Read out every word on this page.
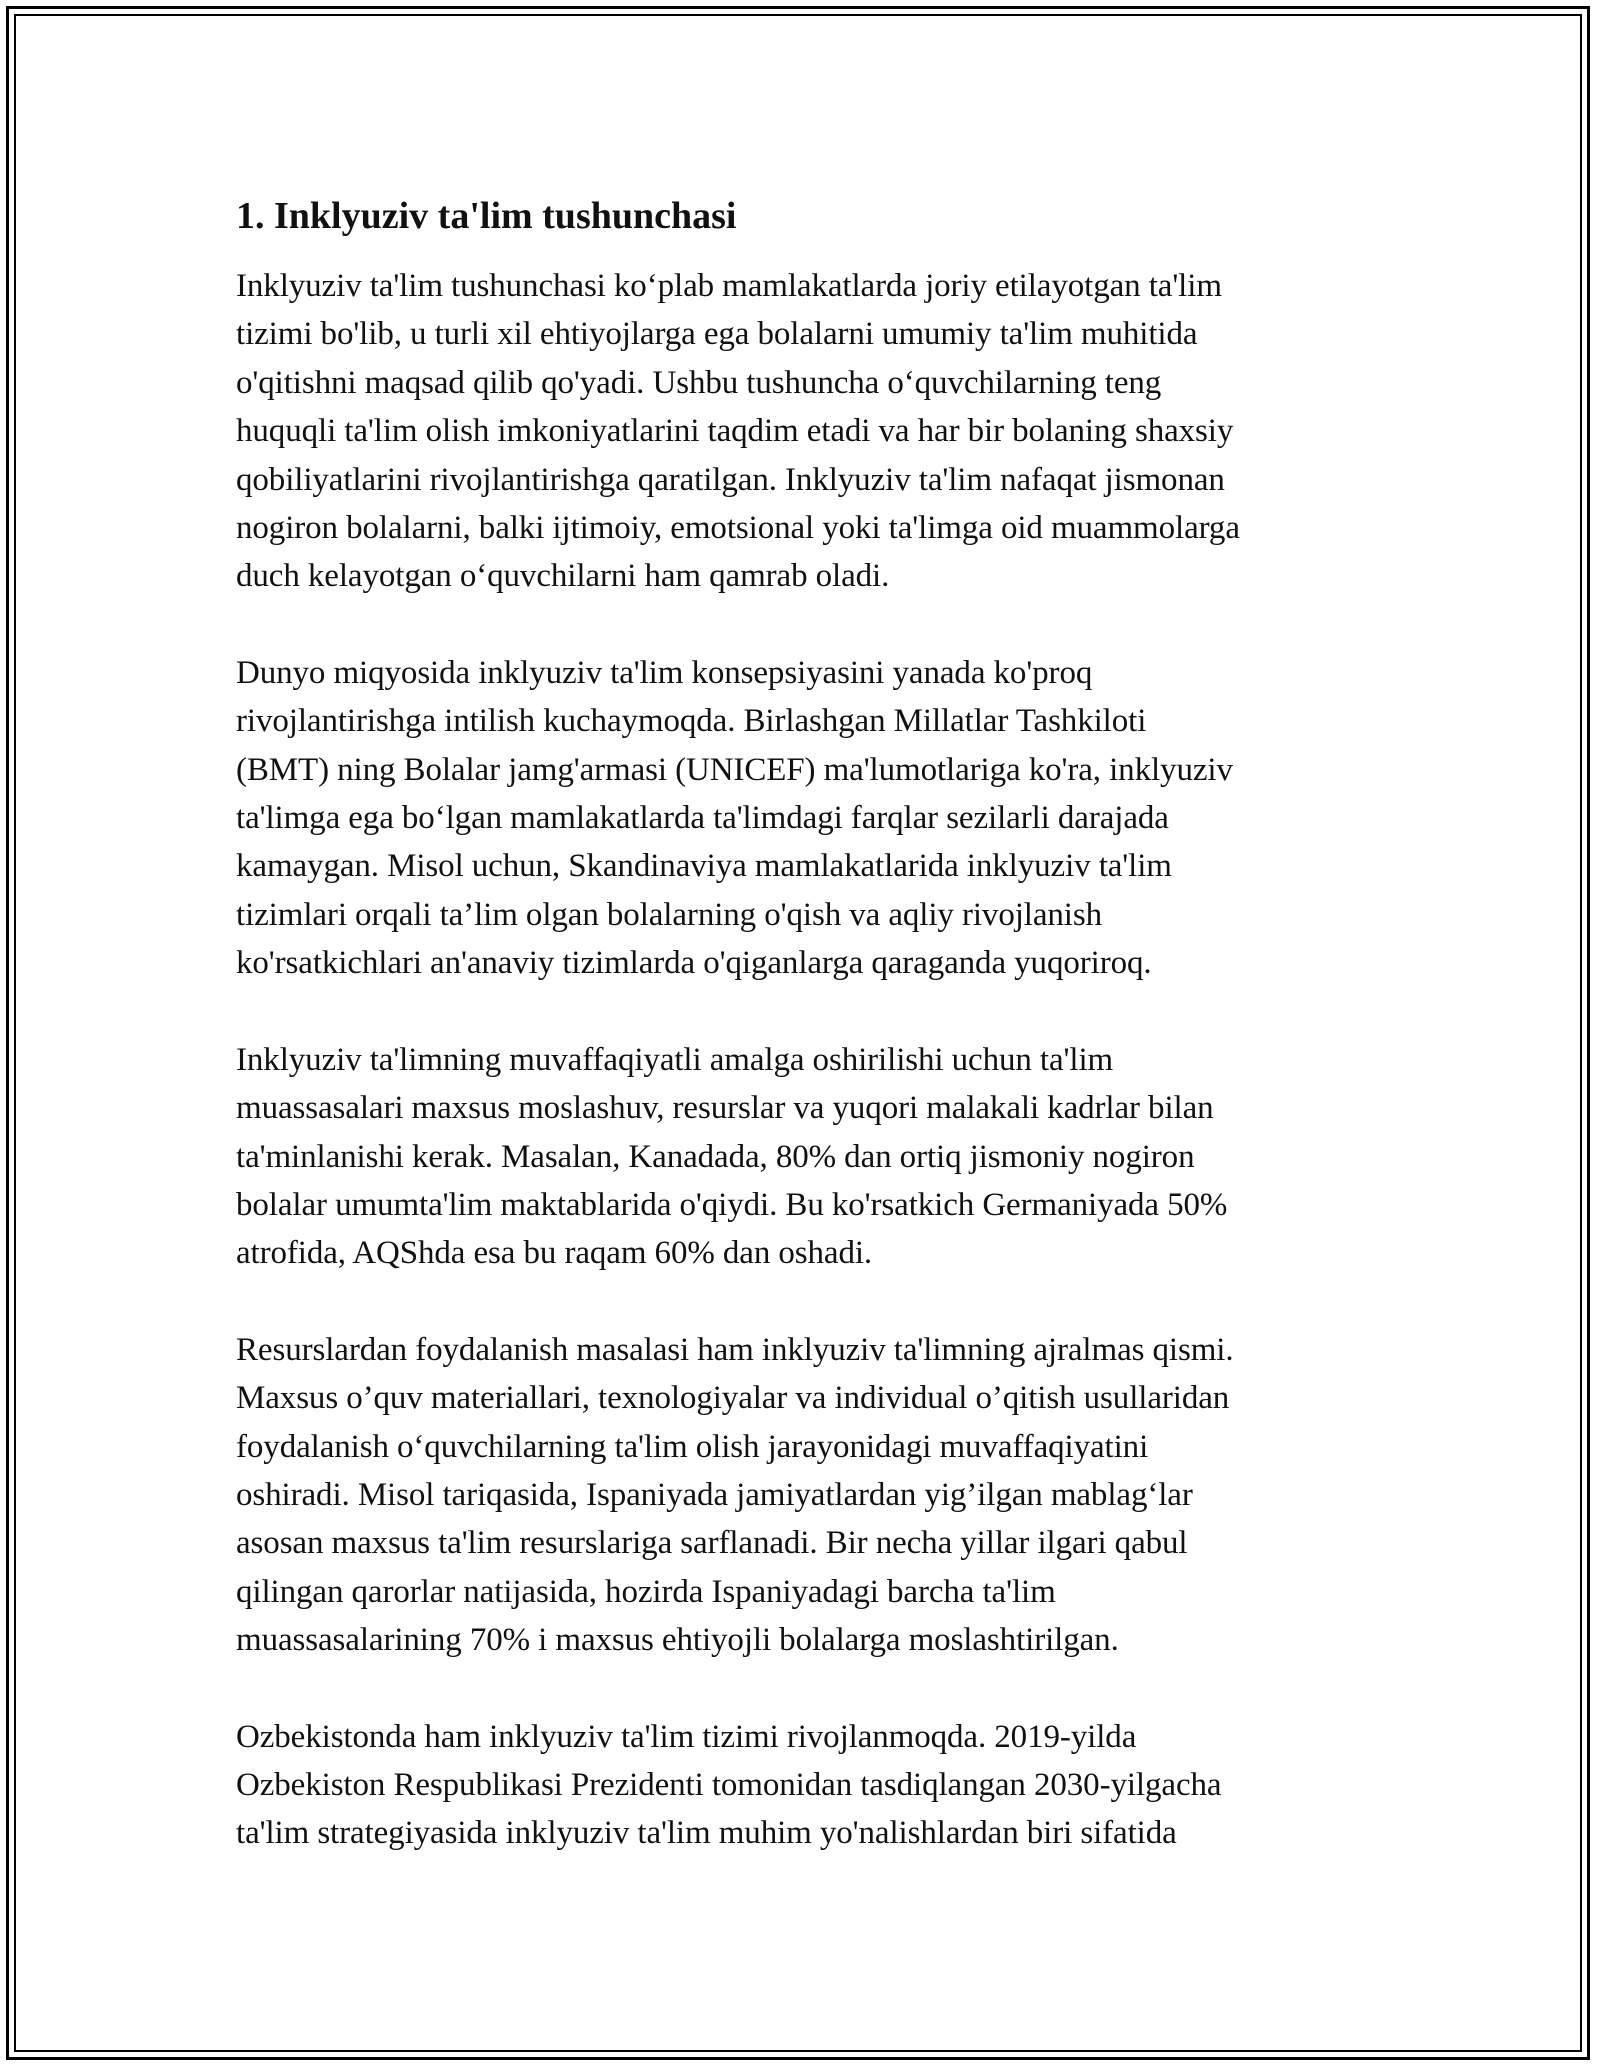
1. Inklyuziv ta'lim tushunchasi
Inklyuziv ta'lim tushunchasi ko‘plab mamlakatlarda joriy etilayotgan ta'lim
tizimi bo'lib, u turli xil ehtiyojlarga ega bolalarni umumiy ta'lim muhitida
o'qitishni maqsad qilib qo'yadi. Ushbu tushuncha o‘quvchilarning teng
huquqli ta'lim olish imkoniyatlarini taqdim etadi va har bir bolaning shaxsiy
qobiliyatlarini rivojlantirishga qaratilgan. Inklyuziv ta'lim nafaqat jismonan
nogiron bolalarni, balki ijtimoiy, emotsional yoki ta'limga oid muammolarga
duch kelayotgan o‘quvchilarni ham qamrab oladi.
Dunyo miqyosida inklyuziv ta'lim konsepsiyasini yanada ko'proq
rivojlantirishga intilish kuchaymoqda. Birlashgan Millatlar Tashkiloti
(BMT) ning Bolalar jamg'armasi (UNICEF) ma'lumotlariga ko'ra, inklyuziv
ta'limga ega bo‘lgan mamlakatlarda ta'limdagi farqlar sezilarli darajada
kamaygan. Misol uchun, Skandinaviya mamlakatlarida inklyuziv ta'lim
tizimlari orqali ta’lim olgan bolalarning o'qish va aqliy rivojlanish
ko'rsatkichlari an'anaviy tizimlarda o'qiganlarga qaraganda yuqoriroq.
Inklyuziv ta'limning muvaffaqiyatli amalga oshirilishi uchun ta'lim
muassasalari maxsus moslashuv, resurslar va yuqori malakali kadrlar bilan
ta'minlanishi kerak. Masalan, Kanadada, 80% dan ortiq jismoniy nogiron
bolalar umumta'lim maktablarida o'qiydi. Bu ko'rsatkich Germaniyada 50%
atrofida, AQShda esa bu raqam 60% dan oshadi.
Resurslardan foydalanish masalasi ham inklyuziv ta'limning ajralmas qismi.
Maxsus o’quv materiallari, texnologiyalar va individual o’qitish usullaridan
foydalanish o‘quvchilarning ta'lim olish jarayonidagi muvaffaqiyatini
oshiradi. Misol tariqasida, Ispaniyada jamiyatlardan yig’ilgan mablag‘lar
asosan maxsus ta'lim resurslariga sarflanadi. Bir necha yillar ilgari qabul
qilingan qarorlar natijasida, hozirda Ispaniyadagi barcha ta'lim
muassasalarining 70% i maxsus ehtiyojli bolalarga moslashtirilgan.
Ozbekistonda ham inklyuziv ta'lim tizimi rivojlanmoqda. 2019-yilda
Ozbekiston Respublikasi Prezidenti tomonidan tasdiqlangan 2030-yilgacha
ta'lim strategiyasida inklyuziv ta'lim muhim yo'nalishlardan biri sifatida
